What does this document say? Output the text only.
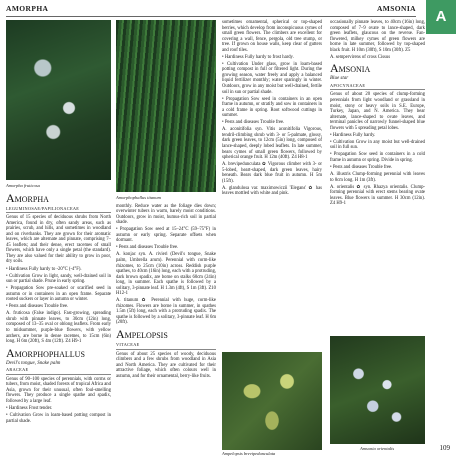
AMORPHA	AMSONIA	A
Amorpha fruticosa
Amorpha
LEGUMINOSAE/PAPILIONACEAE

Genus of 15 species of deciduous shrubs from North America, found in dry, often sandy areas, such as prairies, scrub, and hills, and sometimes in woodland and on riverbanks. They are grown for their aromatic leaves, which are alternate and pinnate, comprising 7–45 leaflets; and their dense, erect racemes of small flowers, which have only a single petal (the standard). They are also valued for their ability to grow in poor, dry soils.

• Hardiness Fully hardy to -20°C (-4°F).

• Cultivation Grow in light, sandy, well-drained soil in sun or partial shade. Prune in early spring.

• Propagation Sow pre-soaked or scarified seed in autumn or in containers in an open frame. Separate rooted suckers or layer in autumn or winter.

• Pests and diseases Trouble free.

A. fruticosa (False indigo). Fast-growing, spreading shrub with pinnate leaves, to 30cm (12in) long, composed of 13–35 oval or oblong leaflets. From early to midsummer, purple-blue flowers, with yellow anthers, are borne in dense racemes, to 15cm (6in) long. H 6m (20ft), S 4m (12ft). Z4 H9-1

Amorphophallus
Devil's tongue, Snake palm
ARACEAE

Genus of 90–100 species of perennials, with corms or tubers, from moist, shaded forests of tropical Africa and Asia, grown for their unusual, often foul-smelling flowers. They produce a single spathe and spadix, followed by a large leaf.

• Hardiness Frost tender.

• Cultivation Grow in loam-based potting compost in partial shade.

Amorphophallus titanum

monthly. Reduce water as the foliage dies down; overwinter tubers in warm, barely moist conditions. Outdoors, grow in moist, humus-rich soil in partial shade.

• Propagation Sow seed at 15–24°C (59–75°F) in autumn or early spring. Separate offsets when dormant.

• Pests and diseases Trouble free.

A. konjac syn. A. rivieri (Devil's tongue, Snake palm, Umbrella arum). Perennial with corm-like rhizomes, to 25cm (10in) across. Reddish purple spathes, to 40cm (16in) long, each with a protruding, dark brown spadix, are borne on stalks 60cm (24in) long, in summer. Each spathe is followed by a solitary, 3-pinnate leaf. H 1.3m (4ft), S 1m (3ft). Z10 H12-1

A. titanum ✿ Perennial with huge, corm-like rhizomes. Flowers are borne in summer, in spathes 1.5m (5ft) long, each with a protruding spadix. The spathe is followed by a solitary, 3-pinnate leaf. H 6m (20ft).

Ampelopsis
VITACEAE

Genus of about 25 species of woody, deciduous climbers and a few shrubs from woodland in Asia and North America. They are cultivated for their attractive foliage, which often colours well in autumn, and for their ornamental, berry-like fruits.

sometimes ornamental, spherical or top-shaped berries, which develop from inconspicuous cymes of small green flowers. The climbers are excellent for covering a wall, fence, pergola, old tree stump, or tree. If grown on house walls, keep clear of gutters and roof tiles.

• Hardiness Fully hardy to frost hardy.

• Cultivation Under glass, grow in loam-based potting compost in full or filtered light. During the growing season, water freely and apply a balanced liquid fertilizer monthly; water sparingly in winter. Outdoors, grow in any moist but well-drained, fertile soil in sun or partial shade.

• Propagation Sow seed in containers in an open frame in autumn, or stratify and sow in containers in a cold frame in spring. Root softwood cuttings in summer.

• Pests and diseases Trouble free.

A. aconitifolia syn. Vitis aconitifolia Vigorous, tendril-climbing shrub with 3- or 5-palmate, glossy, dark green leaves, to 12cm (5in) long, composed of lance-shaped, deeply lobed leaflets. In late summer, bears cymes of small green flowers, followed by spherical orange fruit. H 12m (40ft). Z4 H8-1

A. brevipedunculata ✿ Vigorous climber with 3- or 5-lobed, heart-shaped, dark green leaves, hairy beneath. Bears dark blue fruit in autumn. H 5m (15ft).

A. glandulosa var. maximowiczii 'Elegans' ✿ has leaves mottled with white and pink.

Ampelopsis brevipedunculata

occasionally pinnate leaves, to 40cm (16in) long, composed of 7–9 ovate to lance-shaped, dark green leaflets, glaucous on the reverse. Fan-flowered, milkey cymes of green flowers are borne in late summer, followed by top-shaped black fruit. H 10m (30ft), S 10m (30ft). Z5

A. sempervirens of cross Cissus

Amsonia
Blue star
APOCYNACEAE

Genus of about 20 species of clump-forming perennials from light woodland or grassland in moist, stony or heavy soils in S.E. Europe, Turkey, Japan, and N. America. They bear alternate, lance-shaped to ovate leaves, and terminal panicles of narrowly funnel-shaped blue flowers with 5 spreading petal lobes.

• Hardiness Fully hardy.

• Cultivation Grow in any moist but well-drained soil in full sun.

• Propagation Sow seed in containers in a cold frame in autumn or spring. Divide in spring.

• Pests and diseases Trouble free.

A. illustris Clump-forming perennial with leaves to 8cm long. H 1m (3ft).

A. orientalis ✿ syn. Rhazya orientalis. Clump-forming perennial with erect stems bearing ovate leaves. Blue flowers in summer. H 30cm (12in). Z4 H9-1

Amsonia orientalis	109
